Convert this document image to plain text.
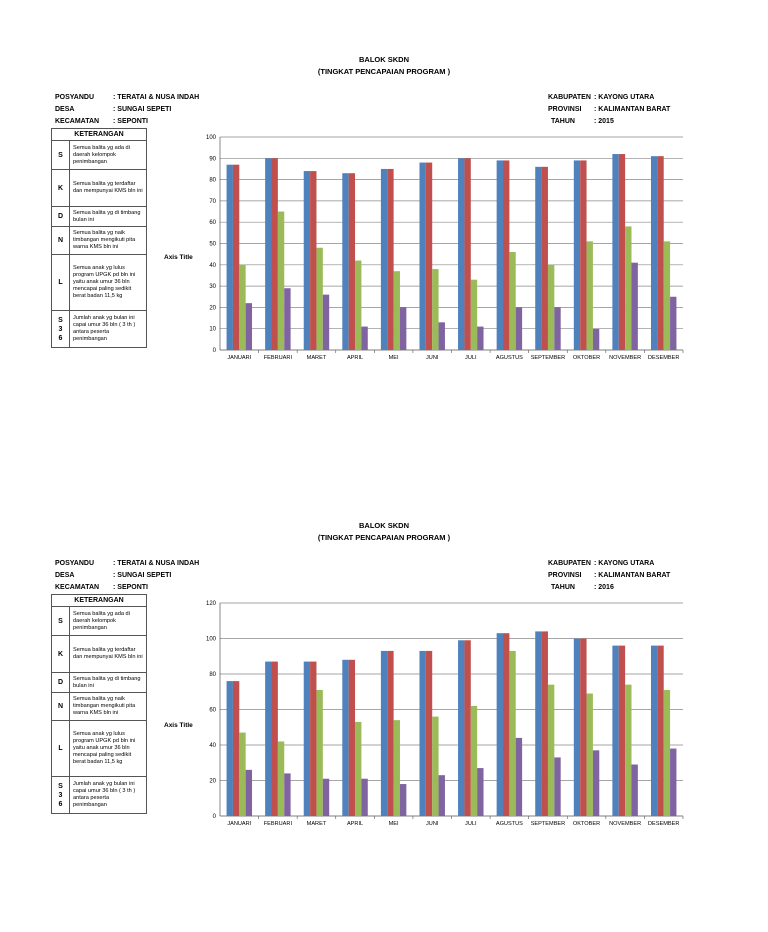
BALOK SKDN
(TINGKAT PENCAPAIAN PROGRAM )
POSYANDU	: TERATAI & NUSA INDAH
DESA	: SUNGAI SEPETI
KECAMATAN	: SEPONTI
KABUPATEN : KAYONG UTARA
PROVINSI	: KALIMANTAN BARAT
TAHUN	: 2015
KETERANGAN	
S	Semua balita yg ada di daerah kelompok penimbangan
K	Semua balita yg terdaftar dan mempunyai KMS bln ini
D	Semua balita yg di timbang bulan ini
N	Semua balita yg naik timbangan mengikuti pita warna KMS bln ini
L	Semua anak yg lulus program UPGK pd bln ini yaitu anak umur 36 bln mencapai paling sedikit berat badan 11,5 kg
S
3
6	Jumlah anak yg bulan ini capai umur 36 bln ( 3 th ) antara peserta penimbangan
Axis Title
0
10
20
30
40
50
60
70
80
90
100
JANUARI FEBRUARI	MARET	APRIL	MEI	JUNI	JULI	AGUSTUS SEPTEMBER OKTOBER NOVEMBER DESEMBER
BALOK SKDN
(TINGKAT PENCAPAIAN PROGRAM )
POSYANDU	: TERATAI & NUSA INDAH
DESA	: SUNGAI SEPETI
KECAMATAN	: SEPONTI
KABUPATEN : KAYONG UTARA
PROVINSI	: KALIMANTAN BARAT
TAHUN	: 2016
KETERANGAN	
S	Semua balita yg ada di daerah kelompok penimbangan
K	Semua balita yg terdaftar dan mempunyai KMS bln ini
D	Semua balita yg di timbang bulan ini
N	Semua balita yg naik timbangan mengikuti pita warna KMS bln ini
L	Semua anak yg lulus program UPGK pd bln ini yaitu anak umur 36 bln mencapai paling sedikit berat badan 11,5 kg
S
3
6	Jumlah anak yg bulan ini capai umur 36 bln ( 3 th ) antara peserta penimbangan
Axis Title
0
20
40
60
80
100
120
JANUARI FEBRUARI	MARET	APRIL	MEI	JUNI	JULI	AGUSTUS SEPTEMBER OKTOBER NOVEMBER DESEMBER
